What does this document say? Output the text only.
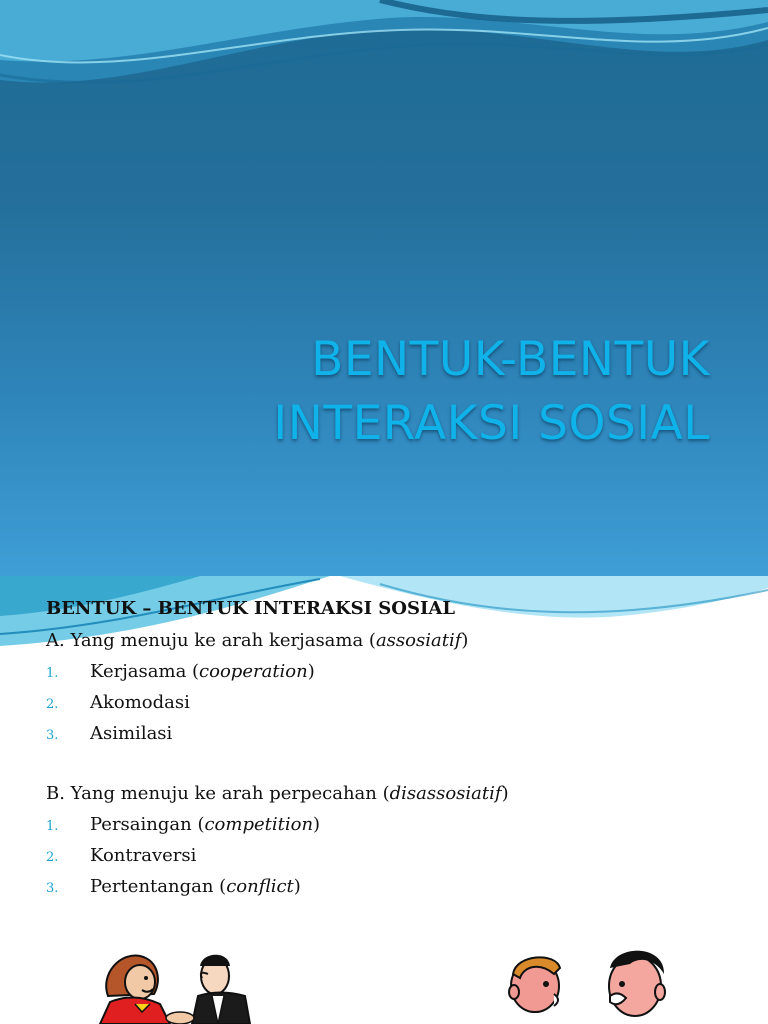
BENTUK-BENTUK
INTERAKSI SOSIAL
BENTUK – BENTUK INTERAKSI SOSIAL
A. Yang menuju ke arah kerjasama (assosiatif)
1. Kerjasama (cooperation)
2. Akomodasi
3. Asimilasi
B. Yang menuju ke arah perpecahan (disassosiatif)
1. Persaingan (competition)
2. Kontraversi
3. Pertentangan (conflict)
